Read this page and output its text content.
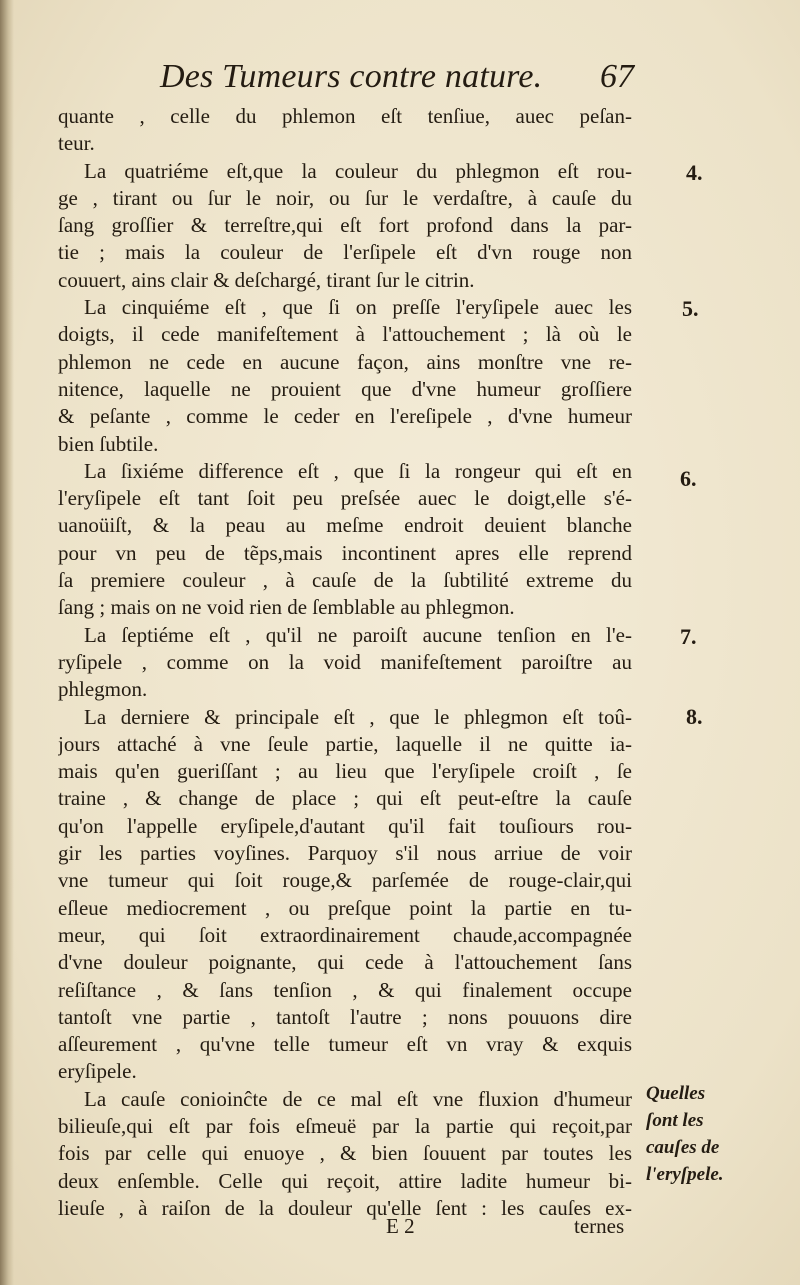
Des Tumeurs contre nature. 67
quante , celle du phlemon eſt tenſiue, auec peſan-
teur.
La quatriéme eſt,que la couleur du phlegmon eſt rou-
ge , tirant ou ſur le noir, ou ſur le verdaſtre, à cauſe du
ſang groſſier & terreſtre,qui eſt fort profond dans la par-
tie ; mais la couleur de l'erſipele eſt d'vn rouge non
couuert, ains clair & deſchargé, tirant ſur le citrin.
La cinquiéme eſt , que ſi on preſſe l'eryſipele auec les
doigts, il cede manifeſtement à l'attouchement ; là où le
phlemon ne cede en aucune façon, ains monſtre vne re-
nitence, laquelle ne prouient que d'vne humeur groſſiere
& peſante , comme le ceder en l'ereſipele , d'vne humeur
bien ſubtile.
La ſixiéme difference eſt , que ſi la rongeur qui eſt en
l'eryſipele eſt tant ſoit peu preſsée auec le doigt,elle s'é-
uanoüiſt, & la peau au meſme endroit deuient blanche
pour vn peu de tẽps,mais incontinent apres elle reprend
ſa premiere couleur , à cauſe de la ſubtilité extreme du
ſang ; mais on ne void rien de ſemblable au phlegmon.
La ſeptiéme eſt , qu'il ne paroiſt aucune tenſion en l'e-
ryſipele , comme on la void manifeſtement paroiſtre au
phlegmon.
La derniere & principale eſt , que le phlegmon eſt toû-
jours attaché à vne ſeule partie, laquelle il ne quitte ia-
mais qu'en gueriſſant ; au lieu que l'eryſipele croiſt , ſe
traine , & change de place ; qui eſt peut-eſtre la cauſe
qu'on l'appelle eryſipele,d'autant qu'il fait touſiours rou-
gir les parties voyſines. Parquoy s'il nous arriue de voir
vne tumeur qui ſoit rouge,& parſemée de rouge-clair,qui
eſleue mediocrement , ou preſque point la partie en tu-
meur, qui ſoit extraordinairement chaude,accompagnée
d'vne douleur poignante, qui cede à l'attouchement ſans
reſiſtance , & ſans tenſion , & qui finalement occupe
tantoſt vne partie , tantoſt l'autre ; nons pouuons dire
aſſeurement , qu'vne telle tumeur eſt vn vray & exquis
eryſipele.
La cauſe conioinĉte de ce mal eſt vne fluxion d'humeur
bilieuſe,qui eſt par fois eſmeuë par la partie qui reçoit,par
fois par celle qui enuoye , & bien ſouuent par toutes les
deux enſemble. Celle qui reçoit, attire ladite humeur bi-
lieuſe , à raiſon de la douleur qu'elle ſent : les cauſes ex-
4.
5.
6.
7.
8.
Quelles
ſont les
cauſes de
l'eryſpele.
E 2	ternes
